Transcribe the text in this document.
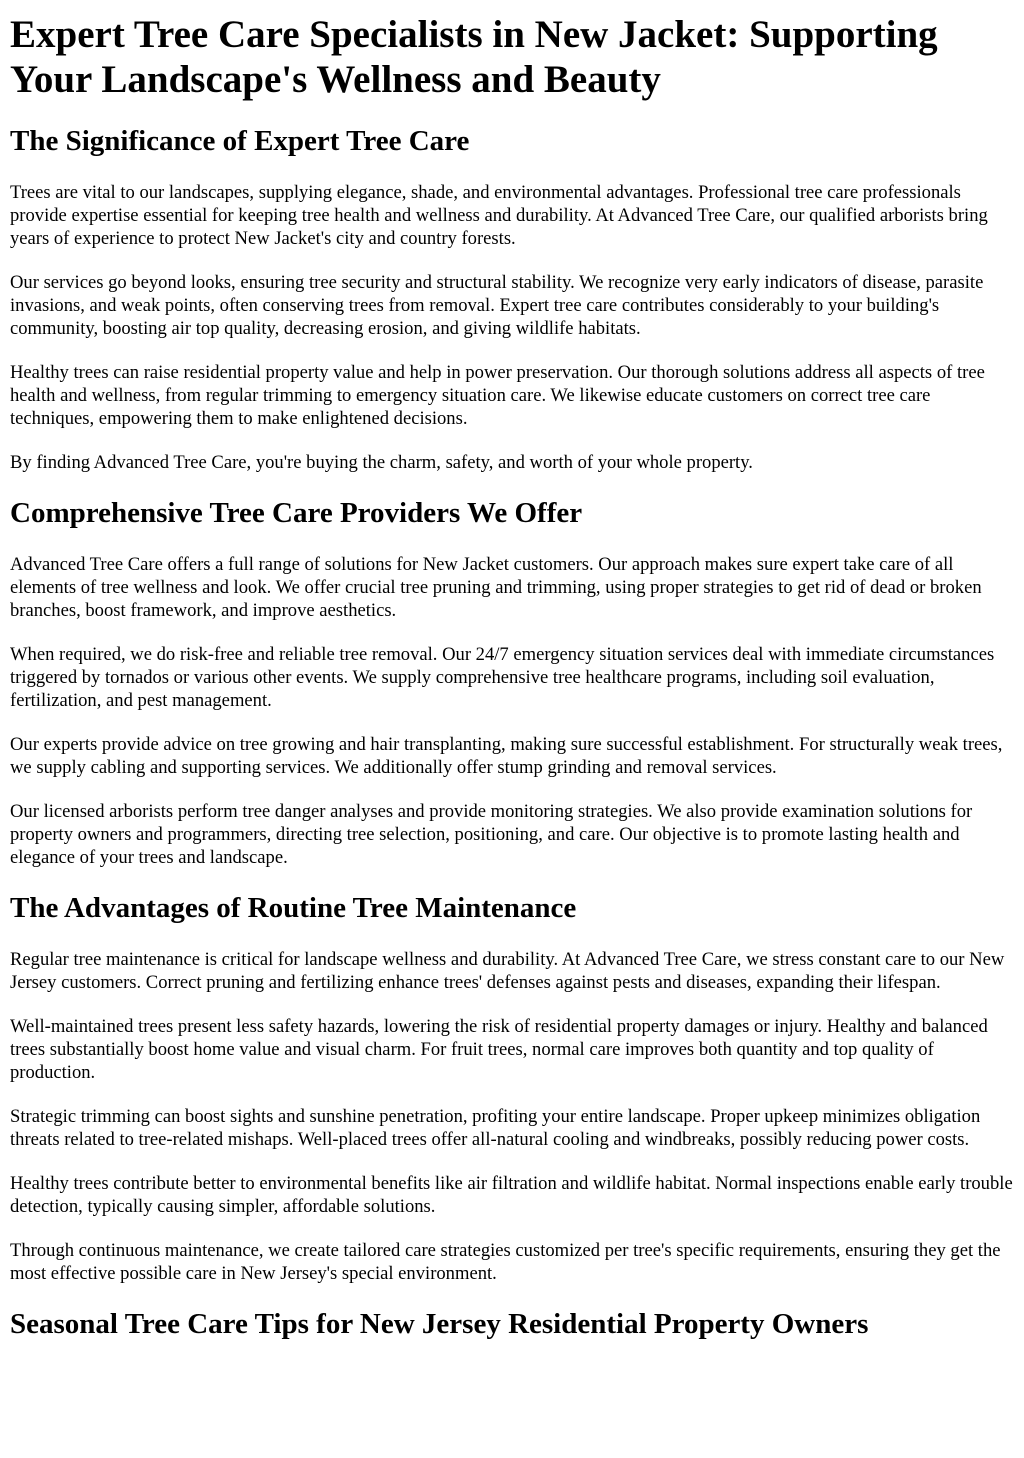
Expert Tree Care Specialists in New Jacket: Supporting Your Landscape's Wellness and Beauty
The Significance of Expert Tree Care

Trees are vital to our landscapes, supplying elegance, shade, and environmental advantages. Professional tree care professionals provide expertise essential for keeping tree health and wellness and durability. At Advanced Tree Care, our qualified arborists bring years of experience to protect New Jacket's city and country forests.

Our services go beyond looks, ensuring tree security and structural stability. We recognize very early indicators of disease, parasite invasions, and weak points, often conserving trees from removal. Expert tree care contributes considerably to your building's community, boosting air top quality, decreasing erosion, and giving wildlife habitats.

Healthy trees can raise residential property value and help in power preservation. Our thorough solutions address all aspects of tree health and wellness, from regular trimming to emergency situation care. We likewise educate customers on correct tree care techniques, empowering them to make enlightened decisions.

By finding Advanced Tree Care, you're buying the charm, safety, and worth of your whole property.

Comprehensive Tree Care Providers We Offer

Advanced Tree Care offers a full range of solutions for New Jacket customers. Our approach makes sure expert take care of all elements of tree wellness and look. We offer crucial tree pruning and trimming, using proper strategies to get rid of dead or broken branches, boost framework, and improve aesthetics.

When required, we do risk-free and reliable tree removal. Our 24/7 emergency situation services deal with immediate circumstances triggered by tornados or various other events. We supply comprehensive tree healthcare programs, including soil evaluation, fertilization, and pest management.

Our experts provide advice on tree growing and hair transplanting, making sure successful establishment. For structurally weak trees, we supply cabling and supporting services. We additionally offer stump grinding and removal services.

Our licensed arborists perform tree danger analyses and provide monitoring strategies. We also provide examination solutions for property owners and programmers, directing tree selection, positioning, and care. Our objective is to promote lasting health and elegance of your trees and landscape.

The Advantages of Routine Tree Maintenance

Regular tree maintenance is critical for landscape wellness and durability. At Advanced Tree Care, we stress constant care to our New Jersey customers. Correct pruning and fertilizing enhance trees' defenses against pests and diseases, expanding their lifespan.

Well-maintained trees present less safety hazards, lowering the risk of residential property damages or injury. Healthy and balanced trees substantially boost home value and visual charm. For fruit trees, normal care improves both quantity and top quality of production.

Strategic trimming can boost sights and sunshine penetration, profiting your entire landscape. Proper upkeep minimizes obligation threats related to tree-related mishaps. Well-placed trees offer all-natural cooling and windbreaks, possibly reducing power costs.

Healthy trees contribute better to environmental benefits like air filtration and wildlife habitat. Normal inspections enable early trouble detection, typically causing simpler, affordable solutions.

Through continuous maintenance, we create tailored care strategies customized per tree's specific requirements, ensuring they get the most effective possible care in New Jersey's special environment.

Seasonal Tree Care Tips for New Jersey Residential Property Owners
